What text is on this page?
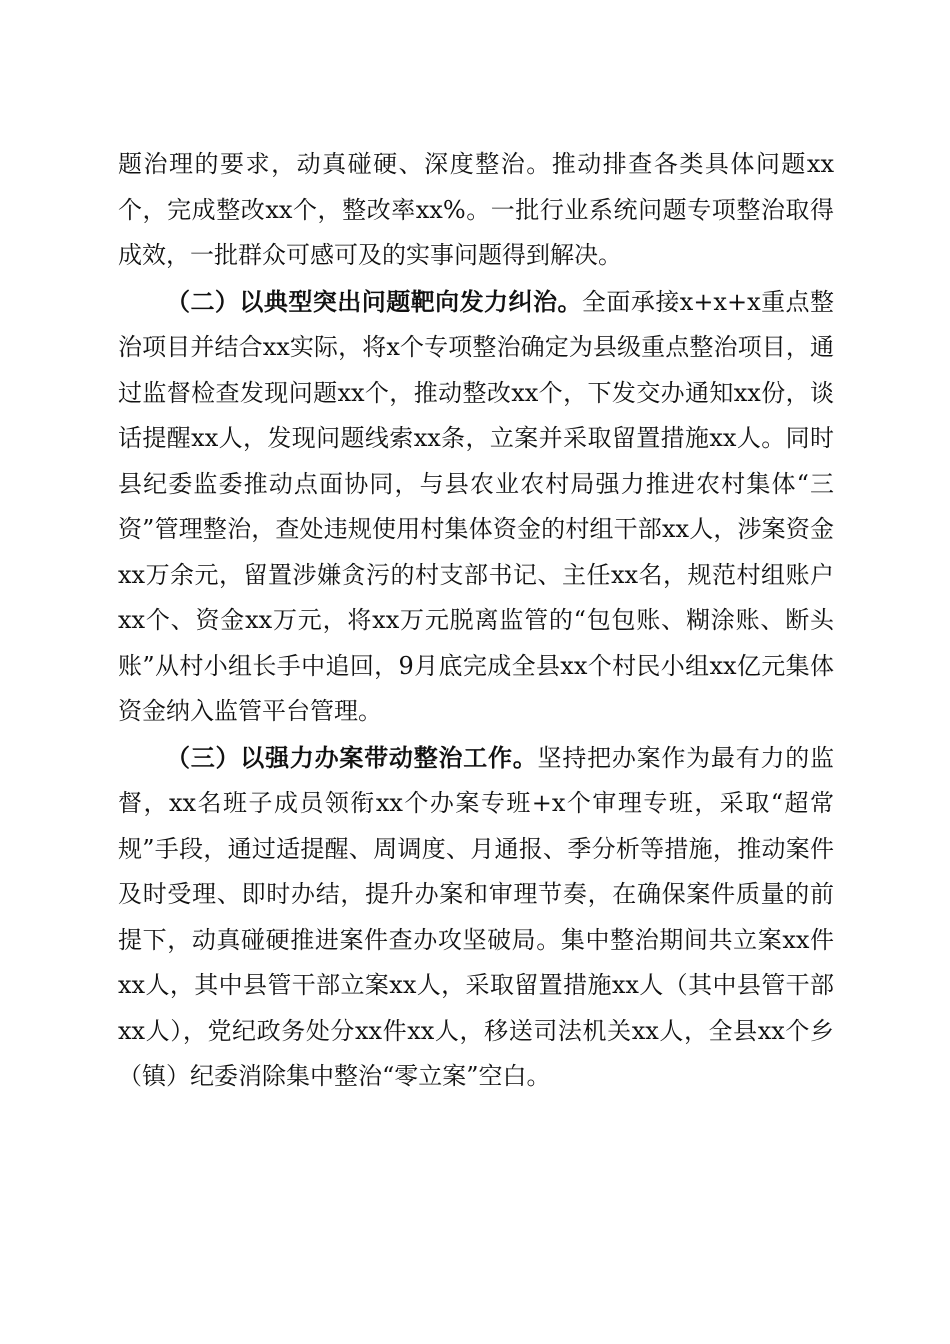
题治理的要求，动真碰硬、深度整治。推动排查各类具体问题xx个，完成整改xx个，整改率xx%。一批行业系统问题专项整治取得成效，一批群众可感可及的实事问题得到解决。

（二）以典型突出问题靶向发力纠治。全面承接x+x+x重点整治项目并结合xx实际，将x个专项整治确定为县级重点整治项目，通过监督检查发现问题xx个，推动整改xx个，下发交办通知xx份，谈话提醒xx人，发现问题线索xx条，立案并采取留置措施xx人。同时县纪委监委推动点面协同，与县农业农村局强力推进农村集体“三资”管理整治，查处违规使用村集体资金的村组干部xx人，涉案资金xx万余元，留置涉嫌贪污的村支部书记、主任xx名，规范村组账户xx个、资金xx万元，将xx万元脱离监管的“包包账、糊涂账、断头账”从村小组长手中追回，9月底完成全县xx个村民小组xx亿元集体资金纳入监管平台管理。

（三）以强力办案带动整治工作。坚持把办案作为最有力的监督，xx名班子成员领衔xx个办案专班+x个审理专班，采取“超常规”手段，通过适提醒、周调度、月通报、季分析等措施，推动案件及时受理、即时办结，提升办案和审理节奏，在确保案件质量的前提下，动真碰硬推进案件查办攻坚破局。集中整治期间共立案xx件xx人，其中县管干部立案xx人，采取留置措施xx人（其中县管干部xx人），党纪政务处分xx件xx人，移送司法机关xx人，全县xx个乡（镇）纪委消除集中整治“零立案”空白。
